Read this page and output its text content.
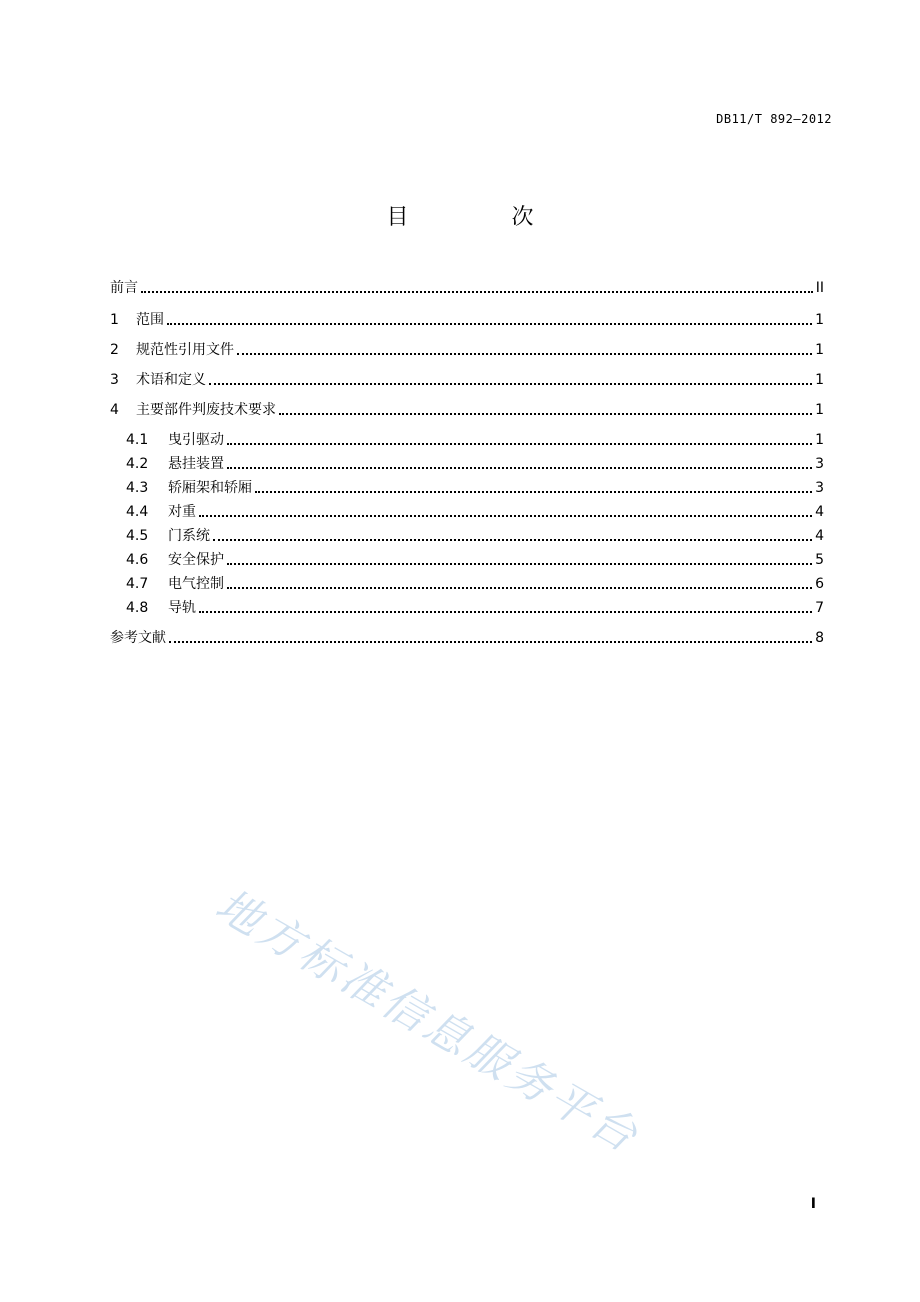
DB11/T 892—2012
目 次
前言	II
1	范围	1
2	规范性引用文件	1
3	术语和定义	1
4	主要部件判废技术要求	1
4.1	曳引驱动	1
4.2	悬挂装置	3
4.3	轿厢架和轿厢	3
4.4	对重	4
4.5	门系统	4
4.6	安全保护	5
4.7	电气控制	6
4.8	导轨	7
参考文献	8
地方标准信息服务平台
I
